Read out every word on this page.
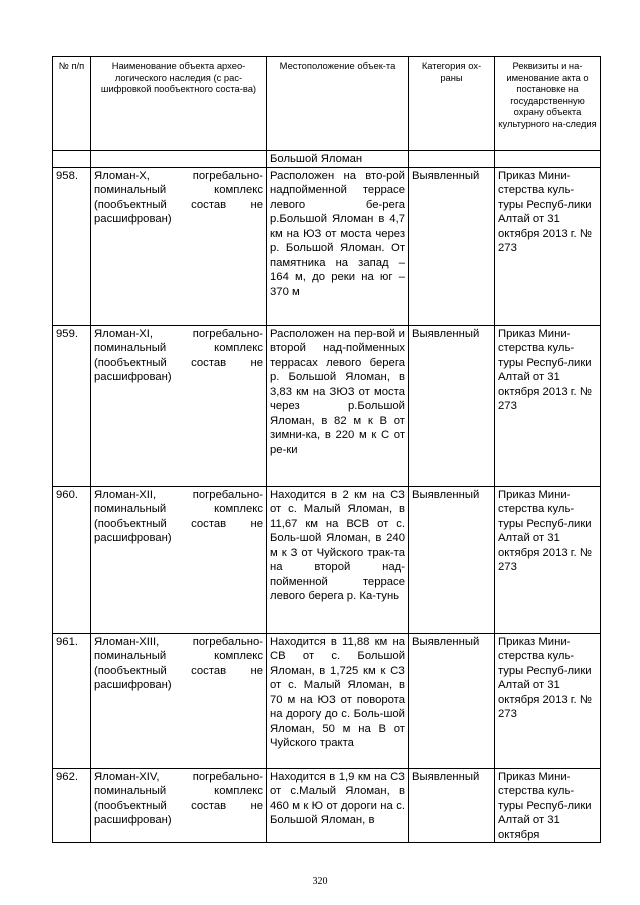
№ п/п	Наименование объекта архео-логического наследия (с рас-шифровкой пообъектного соста-ва)	Местоположение объек-та	Категория ох-раны	Реквизиты и на-именование акта о постановке на государственную охрану объекта культурного на-следия
		Большой Яломан		
958.	Яломан-X, погребально-поминальный комплекс (пообъектный состав не расшифрован)	Расположен на вто-рой надпойменной террасе левого бе-рега р.Большой Яломан в 4,7 км на ЮЗ от моста через р. Большой Яломан. От памятника на запад – 164 м, до реки на юг – 370 м	Выявленный	Приказ Мини-стерства куль-туры Респуб-лики Алтай от 31 октября 2013 г. № 273
959.	Яломан-XI, погребально-поминальный комплекс (пообъектный состав не расшифрован)	Расположен на пер-вой и второй над-пойменных террасах левого берега р. Большой Яломан, в 3,83 км на ЗЮЗ от моста через р.Большой Яломан, в 82 м к В от зимни-ка, в 220 м к С от ре-ки	Выявленный	Приказ Мини-стерства куль-туры Респуб-лики Алтай от 31 октября 2013 г. № 273
960.	Яломан-XII, погребально-поминальный комплекс (пообъектный состав не расшифрован)	Находится в 2 км на СЗ от с. Малый Яломан, в 11,67 км на ВСВ от с. Боль-шой Яломан, в 240 м к З от Чуйского трак-та на второй над-пойменной террасе левого берега р. Ка-тунь	Выявленный	Приказ Мини-стерства куль-туры Респуб-лики Алтай от 31 октября 2013 г. № 273
961.	Яломан-XIII, погребально-поминальный комплекс (пообъектный состав не расшифрован)	Находится в 11,88 км на СВ от с. Большой Яломан, в 1,725 км к СЗ от с. Малый Яломан, в 70 м на ЮЗ от поворота на дорогу до с. Боль-шой Яломан, 50 м на В от Чуйского тракта	Выявленный	Приказ Мини-стерства куль-туры Респуб-лики Алтай от 31 октября 2013 г. № 273
962.	Яломан-XIV, погребально-поминальный комплекс (пообъектный состав не расшифрован)	Находится в 1,9 км на СЗ от с.Малый Яломан, в 460 м к Ю от дороги на с. Большой Яломан, в	Выявленный	Приказ Мини-стерства куль-туры Респуб-лики Алтай от 31 октября
320
